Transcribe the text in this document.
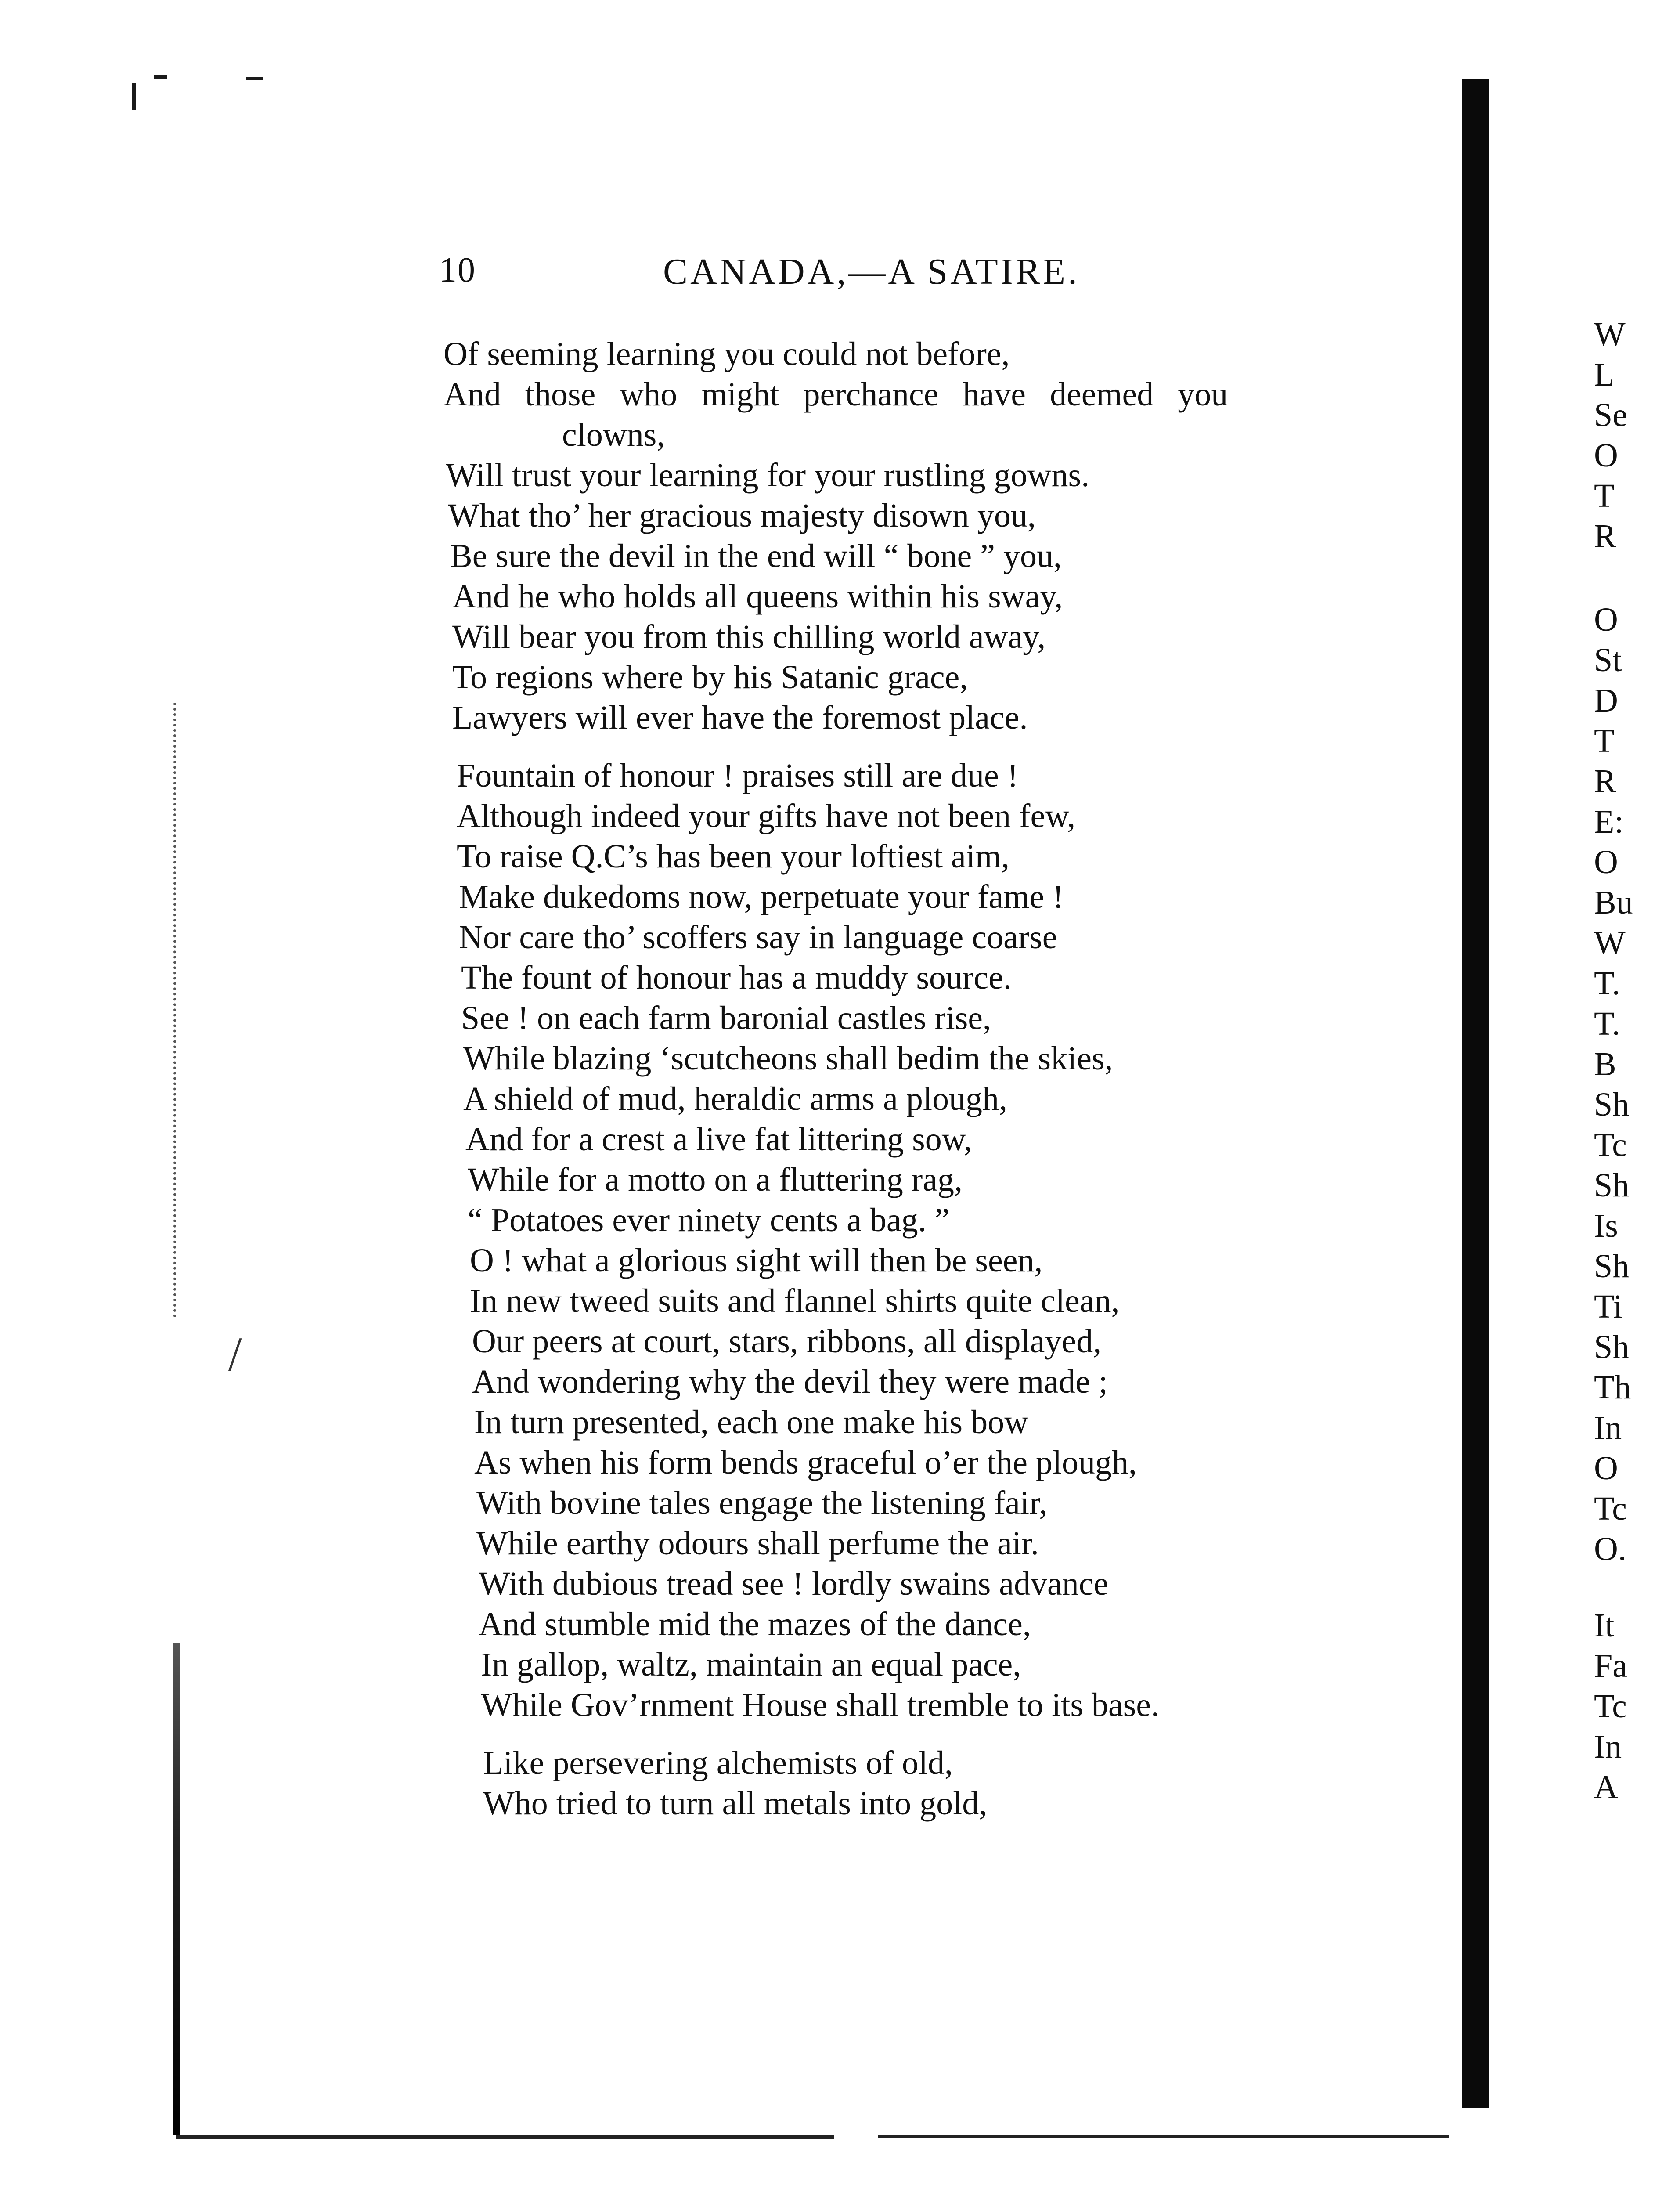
/
10	CANADA,—A SATIRE.
Of seeming learning you could not before,
And those who might perchance have deemed you
clowns,
Will trust your learning for your rustling gowns.
What tho’ her gracious majesty disown you,
Be sure the devil in the end will “ bone ” you,
And he who holds all queens within his sway,
Will bear you from this chilling world away,
To regions where by his Satanic grace,
Lawyers will ever have the foremost place.
Fountain of honour ! praises still are due !
Although indeed your gifts have not been few,
To raise Q.C’s has been your loftiest aim,
Make dukedoms now, perpetuate your fame !
Nor care tho’ scoffers say in language coarse
The fount of honour has a muddy source.
See ! on each farm baronial castles rise,
While blazing ‘scutcheons shall bedim the skies,
A shield of mud, heraldic arms a plough,
And for a crest a live fat littering sow,
While for a motto on a fluttering rag,
“ Potatoes ever ninety cents a bag. ”
O ! what a glorious sight will then be seen,
In new tweed suits and flannel shirts quite clean,
Our peers at court, stars, ribbons, all displayed,
And wondering why the devil they were made ;
In turn presented, each one make his bow
As when his form bends graceful o’er the plough,
With bovine tales engage the listening fair,
While earthy odours shall perfume the air.
With dubious tread see ! lordly swains advance
And stumble mid the mazes of the dance,
In gallop, waltz, maintain an equal pace,
While Gov’rnment House shall tremble to its base.
Like persevering alchemists of old,
Who tried to turn all metals into gold,
W
L
Se
O
T
R
O
St
D
T
R
E:
O
Bu
W
T.
T.
B
Sh
Tc
Sh
Is
Sh
Ti
Sh
Th
In
O
Tc
O.
It
Fa
Tc
In
A
